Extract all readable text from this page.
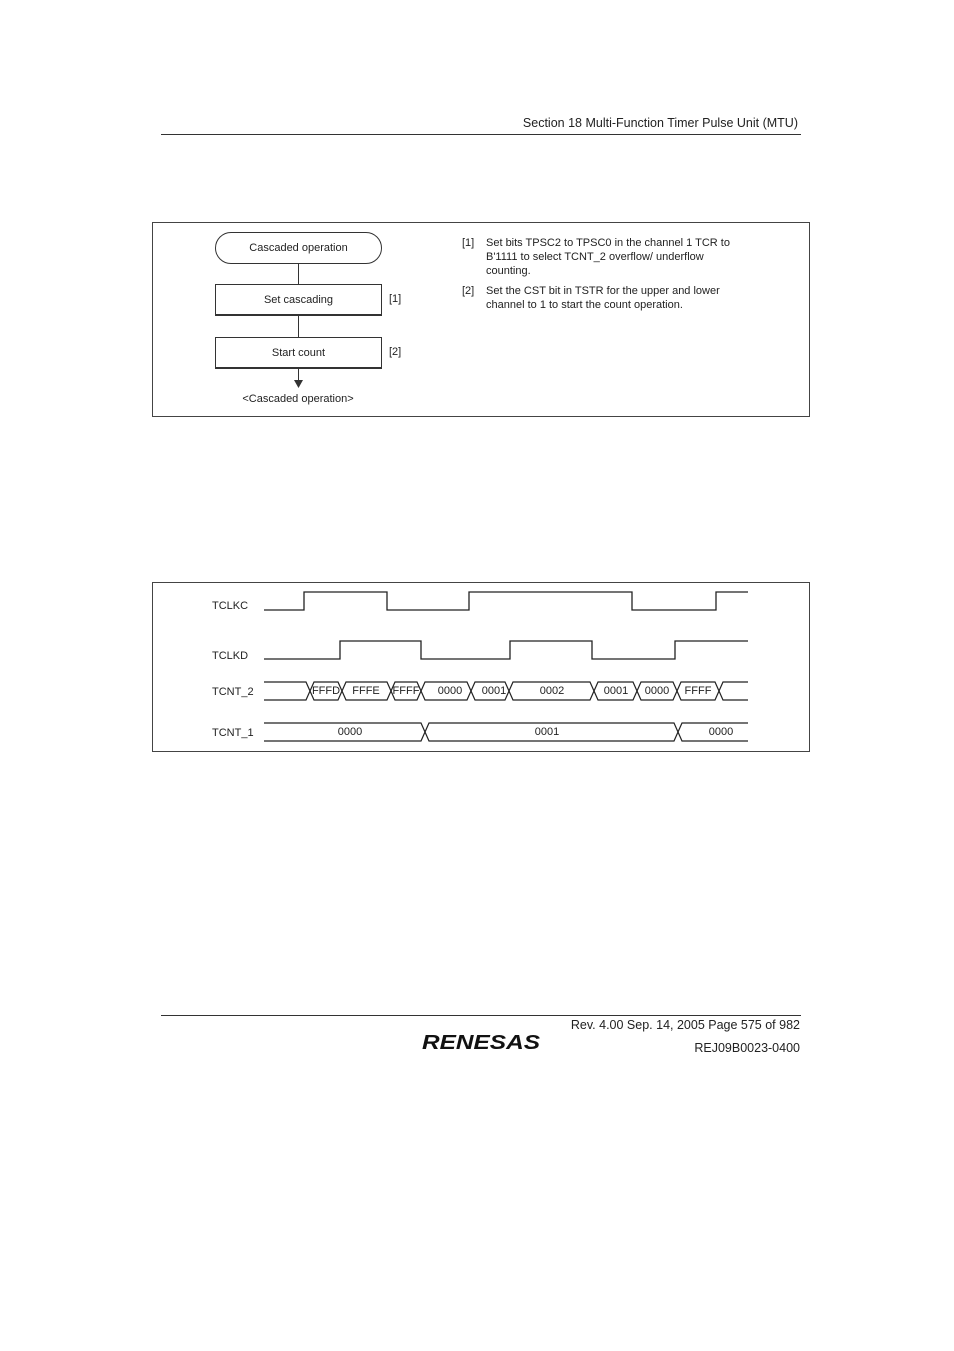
Section 18 Multi-Function Timer Pulse Unit (MTU)
Cascaded operation
Set cascading	[1]
Start count	[2]
<Cascaded operation>
[1] Set bits TPSC2 to TPSC0 in the channel 1 TCR to B'1111 to select TCNT_2 overflow/ underflow counting.
[2] Set the CST bit in TSTR for the upper and lower channel to 1 to start the count operation.
TCLKC
TCLKD
TCNT_2
TCNT_1
FFFD FFFE FFFF 0000 0001	0002	0001 0000 FFFF
0000	0001	0000
Rev. 4.00 Sep. 14, 2005 Page 575 of 982
REJ09B0023-0400
RENESAS
